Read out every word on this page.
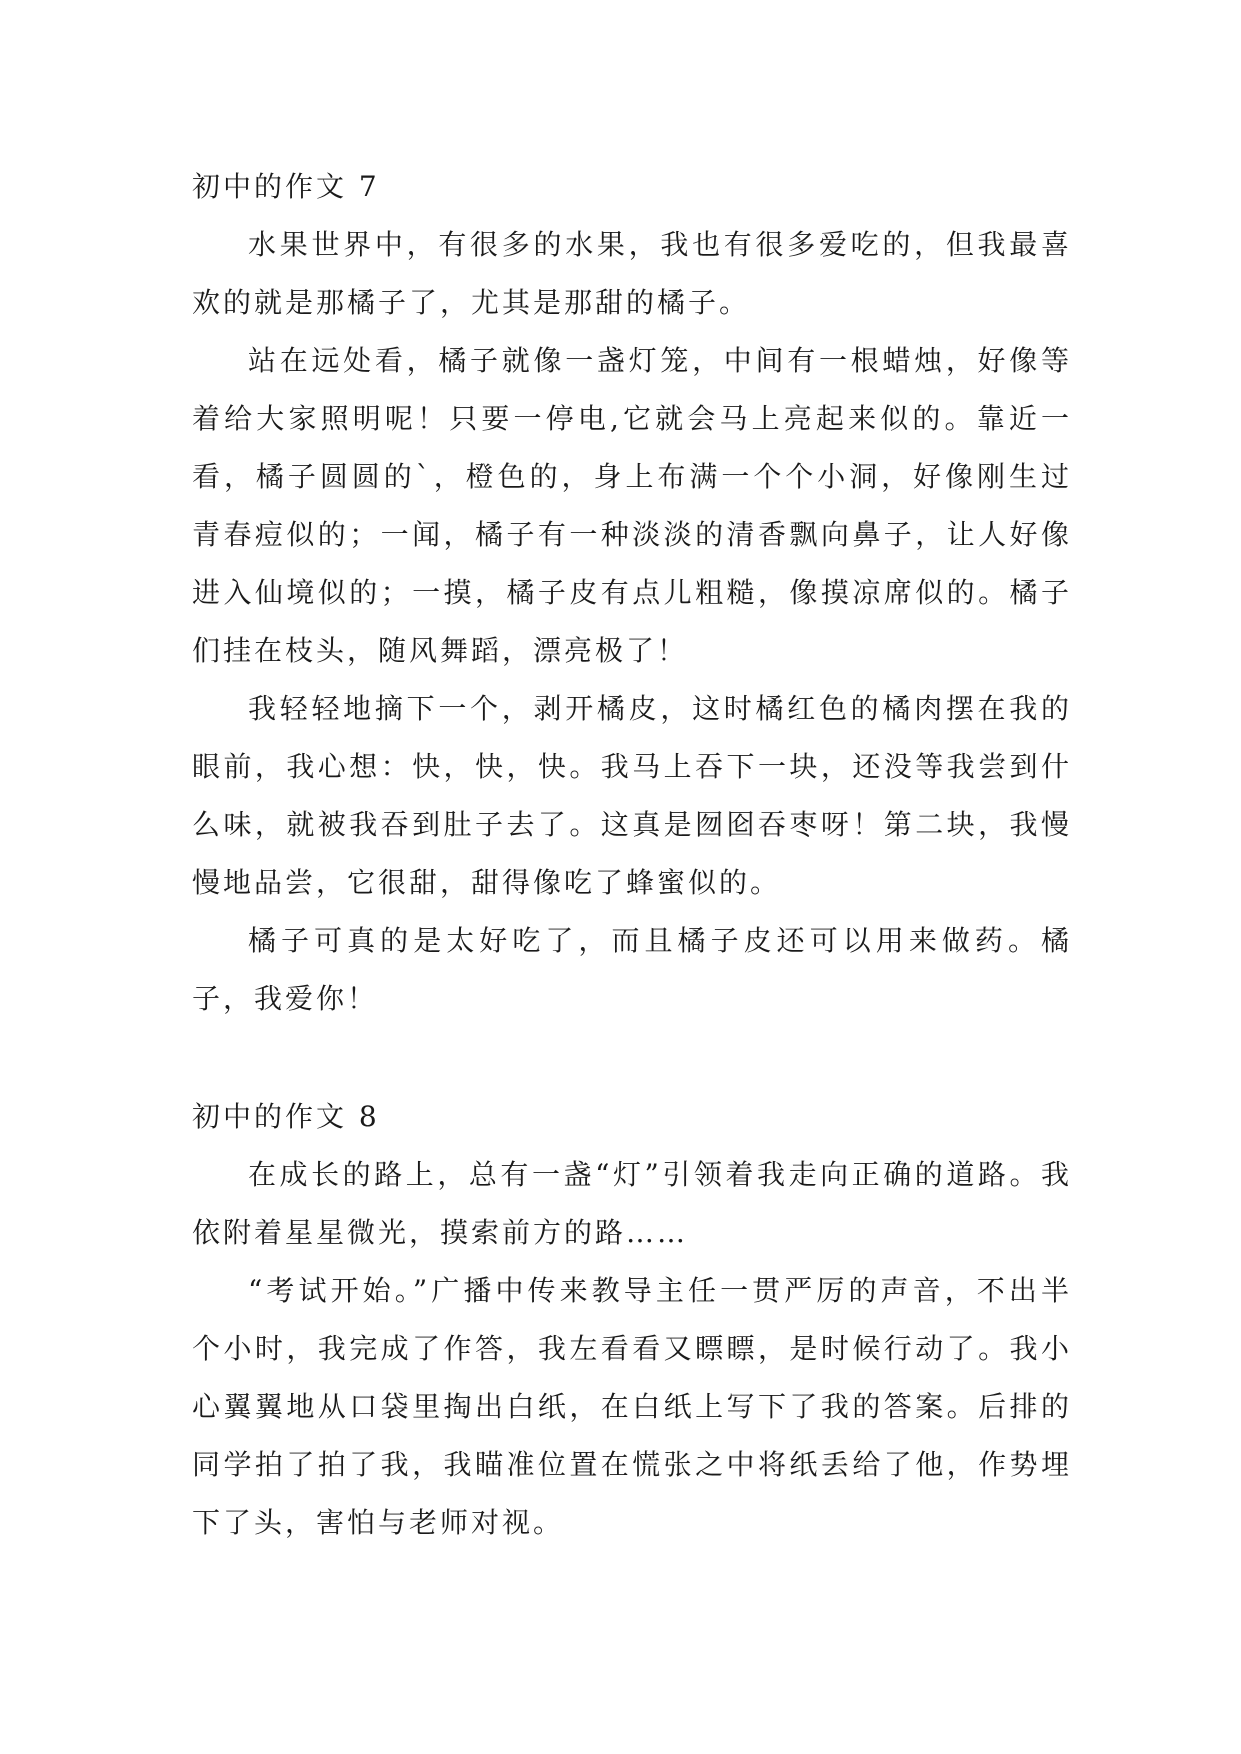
初中的作文 7

水果世界中，有很多的水果，我也有很多爱吃的，但我最喜欢的就是那橘子了，尤其是那甜的橘子。

站在远处看，橘子就像一盏灯笼，中间有一根蜡烛，好像等着给大家照明呢！只要一停电,它就会马上亮起来似的。靠近一看，橘子圆圆的`，橙色的，身上布满一个个小洞，好像刚生过青春痘似的；一闻，橘子有一种淡淡的清香飘向鼻子，让人好像进入仙境似的；一摸，橘子皮有点儿粗糙，像摸凉席似的。橘子们挂在枝头，随风舞蹈，漂亮极了！

我轻轻地摘下一个，剥开橘皮，这时橘红色的橘肉摆在我的眼前，我心想：快，快，快。我马上吞下一块，还没等我尝到什么味，就被我吞到肚子去了。这真是囫囵吞枣呀！第二块，我慢慢地品尝，它很甜，甜得像吃了蜂蜜似的。

橘子可真的是太好吃了，而且橘子皮还可以用来做药。橘子，我爱你！

初中的作文 8

在成长的路上，总有一盏“灯”引领着我走向正确的道路。我依附着星星微光，摸索前方的路……

“考试开始。”广播中传来教导主任一贯严厉的声音，不出半个小时，我完成了作答，我左看看又瞟瞟，是时候行动了。我小心翼翼地从口袋里掏出白纸，在白纸上写下了我的答案。后排的同学拍了拍了我，我瞄准位置在慌张之中将纸丢给了他，作势埋下了头，害怕与老师对视。
